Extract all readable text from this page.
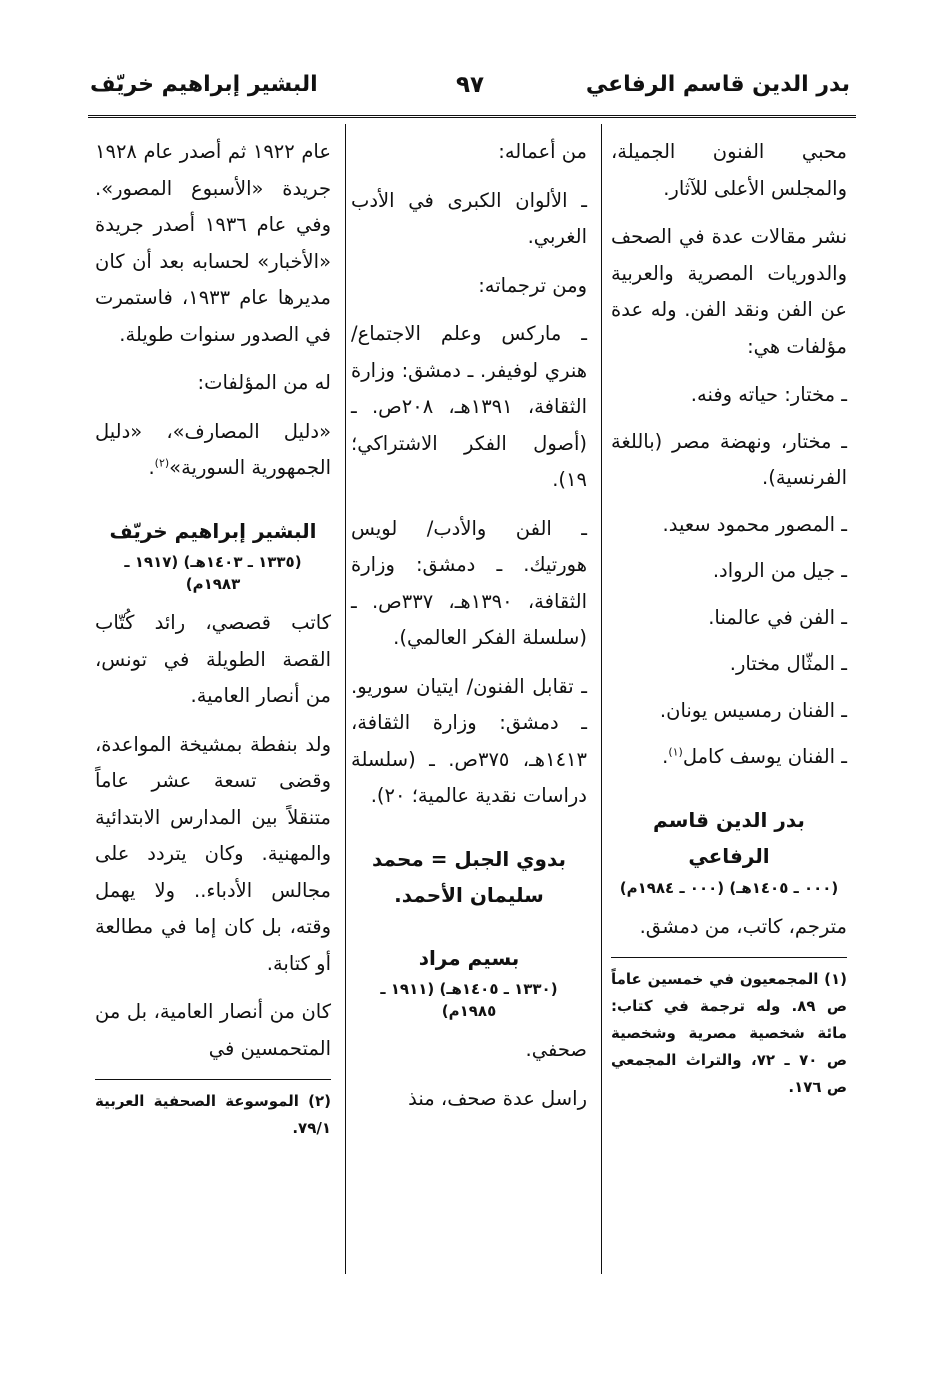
بدر الدين قاسم الرفاعي
٩٧
البشير إبراهيم خريّف

محبي الفنون الجميلة، والمجلس الأعلى للآثار.

نشر مقالات عدة في الصحف والدوريات المصرية والعربية عن الفن ونقد الفن. وله عدة مؤلفات هي:

ـ مختار: حياته وفنه.
ـ مختار، ونهضة مصر (باللغة الفرنسية).
ـ المصور محمود سعيد.
ـ جيل من الرواد.
ـ الفن في عالمنا.
ـ المثّال مختار.
ـ الفنان رمسيس يونان.
ـ الفنان يوسف كامل$^{(١)}$.
بدر الدين قاسم الرفاعي
(٠٠٠ ـ ١٤٠٥هـ) (٠٠٠ ـ ١٩٨٤م)

مترجم، كاتب، من دمشق.

(١) المجمعيون في خمسين عاماً ص ٨٩. وله ترجمة في كتاب: مائة شخصية مصرية وشخصية ص ٧٠ ـ ٧٢، والتراث المجمعي ص ١٧٦.

من أعماله:

ـ الألوان الكبرى في الأدب الغربي.

ومن ترجماته:

ـ ماركس وعلم الاجتماع/ هنري لوفيفر. ـ دمشق: وزارة الثقافة، ١٣٩١هـ، ٢٠٨ص. ـ (أصول الفكر الاشتراكي؛ ١٩).

ـ الفن والأدب/ لويس هورتيك. ـ دمشق: وزارة الثقافة، ١٣٩٠هـ، ٣٣٧ص. ـ (سلسلة الفكر العالمي).

ـ تقابل الفنون/ ايتيان سوريو. ـ دمشق: وزارة الثقافة، ١٤١٣هـ، ٣٧٥ص. ـ (سلسلة دراسات نقدية عالمية؛ ٢٠).

بدوي الجبل = محمد سليمان الأحمد.
بسيم مراد
(١٣٣٠ ـ ١٤٠٥هـ) (١٩١١ ـ ١٩٨٥م)

صحفي.

راسل عدة صحف، منذ

عام ١٩٢٢ ثم أصدر عام ١٩٢٨ جريدة «الأسبوع المصور». وفي عام ١٩٣٦ أصدر جريدة «الأخبار» لحسابه بعد أن كان مديرها عام ١٩٣٣، فاستمرت في الصدور سنوات طويلة.

له من المؤلفات:

«دليل المصارف»، «دليل الجمهورية السورية»$^{(٢)}$.

البشير إبراهيم خريّف
(١٣٣٥ ـ ١٤٠٣هـ) (١٩١٧ ـ ١٩٨٣م)

كاتب قصصي، رائد كُتّاب القصة الطويلة في تونس، من أنصار العامية.

ولد بنفطة بمشيخة المواعدة، وقضى تسعة عشر عاماً متنقلاً بين المدارس الابتدائية والمهنية. وكان يتردد على مجالس الأدباء.. ولا يهمل وقته، بل كان إما في مطالعة أو كتابة.

كان من أنصار العامية، بل من المتحمسين في

(٢) الموسوعة الصحفية العربية ٧٩/١.
